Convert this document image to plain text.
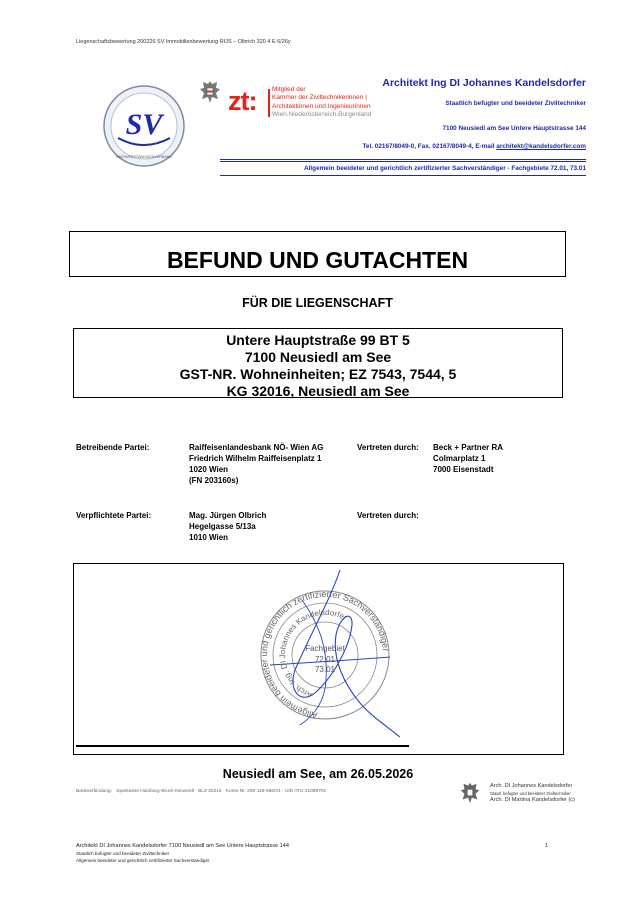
Liegenschaftsbewertung 200226 SV Immobilienbewertung RIJS – Olbrich 320 4 E 6/26y
SV
SACHVERSTÄNDIGENVERBAND
zt: Mitglied der
Kammer der Ziviltechnikerinnen |
Architektinnen und Ingenieurinnen
Wien.Niederösterreich.Burgenland
Architekt Ing DI Johannes Kandelsdorfer
Staatlich befugter und beeideter Ziviltechniker
7100 Neusiedl am See Untere Hauptstrasse 144
Tel. 02167/8049-0, Fax. 02167/8049-4, E-mail architekt@kandelsdorfer.com
Allgemein beeideter und gerichtlich zertifizierter Sachverständiger - Fachgebiete 72.01, 73.01
BEFUND UND GUTACHTEN
FÜR DIE LIEGENSCHAFT
Untere Hauptstraße 99 BT 5
7100 Neusiedl am See
GST-NR. Wohneinheiten; EZ 7543, 7544, 5
KG 32016, Neusiedl am See
Betreibende Partei:	Raiffeisenlandesbank NÖ- Wien AG
Friedrich Wilhelm Raiffeisenplatz 1
1020 Wien
(FN 203160s)
Vertreten durch: Beck + Partner RA
Colmarplatz 1
7000 Eisenstadt
Verpflichtete Partei:	Mag. Jürgen Olbrich
Hegelgasse 5/13a
1010 Wien
Vertreten durch:
Allgemein beeideter und gerichtlich zertifizierter Sachverständiger
Arch. Ing. DI Johannes Kandelsdorfer
Fachgebiet
72.01
73.01
Neusiedl am See, am 26.05.2026
Bankverbindung: · Sparkasse Hainburg-Bruck-Neusiedl · BLZ 20216 · Konto Nr. 200-118-586/01 · UID ATU 21089701
Arch. DI Johannes Kandelsdorfer
Staatl. befugter und beeideter Ziviltechniker
Arch. DI Martina Kandelsdorfer (c)
Architekt DI Johannes Kandelsdorfer 7100 Neusiedl am See Untere Hauptstrasse 144
Staatlich befugter und beeideter Ziviltechniker
Allgemein beeideter und gerichtlich zertifizierter Sachverständiger
1
